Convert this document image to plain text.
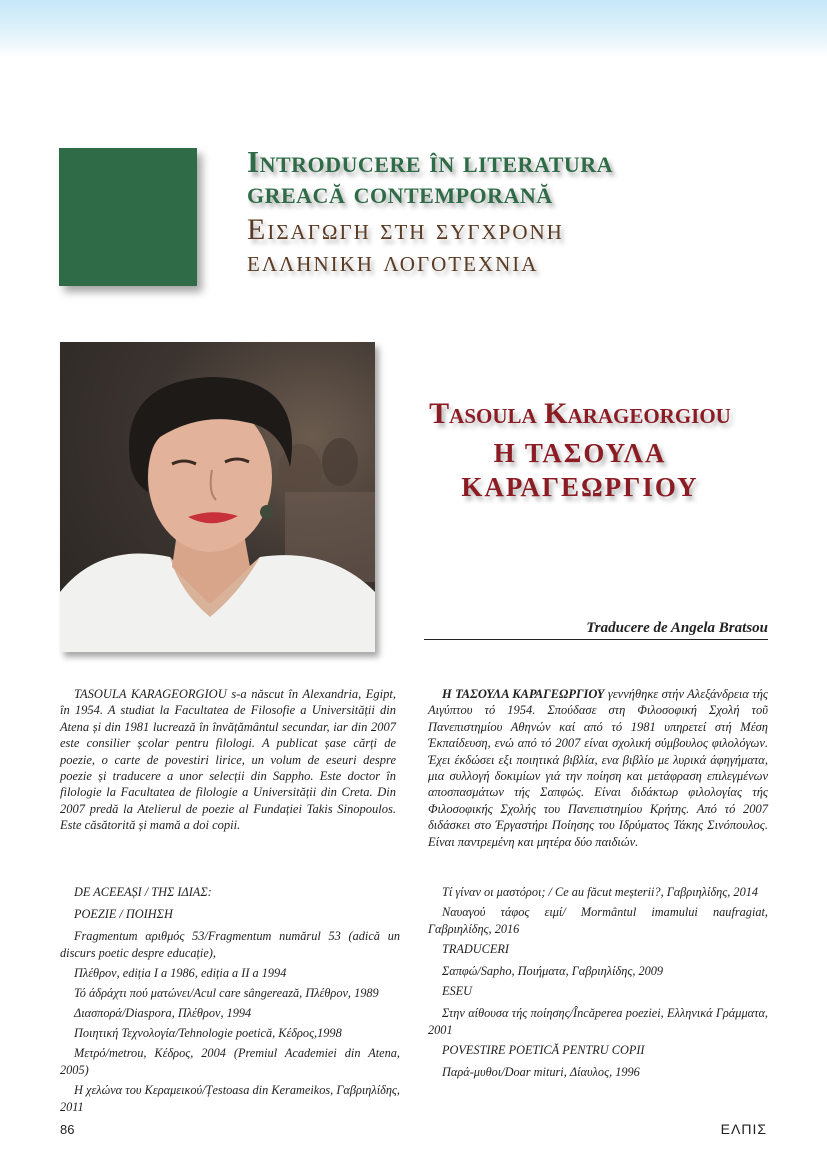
Introducere în literatura
greacă contemporană

Εισαγωγη στη συγχρονη
ελληνικη λογοτεχνια

Tasoula Karageorgiou

Η ΤΑΣΟΥΛΑ
ΚΑΡΑΓΕΩΡΓΙΟΥ

Traducere de Angela Bratsou

TASOULA KARAGEORGIOU s-a născut în Alexandria, Egipt, în 1954. A studiat la Facultatea de Filosofie a Universității din Atena și din 1981 lucrează în învățământul secundar, iar din 2007 este consilier școlar pentru filologi. A publicat șase cărți de poezie, o carte de povestiri lirice, un volum de eseuri despre poezie și traducere a unor selecții din Sappho. Este doctor în filologie la Facultatea de filologie a Universității din Creta. Din 2007 predă la Atelierul de poezie al Fundației Takis Sinopoulos. Este căsătorită și mamă a doi copii.

Η ΤΑΣΟΥΛΑ ΚΑΡΑΓΕΩΡΓΙΟΥ γεννήθηκε στήν Αλεξάνδρεια τής Αιγύπτου τό 1954. Σπούδασε στη Φιλοσοφική Σχολή τοῦ Πανεπιστημίου Αθηνών καί από τό 1981 υπηρετεί στή Μέση Έκπαίδευση, ενώ από τό 2007 είναι σχολική σύμβουλος φιλολόγων. Έχει έκδώσει εξι ποιητικά βιβλία, ενα βιβλίο με λυρικά άφηγήματα, μια συλλογή δοκιμίων γιά την ποίηση και μετάφραση επιλεγμένων αποσπασμάτων τής Σαπφώς. Είναι διδάκτωρ φιλολογίας τής Φιλοσοφικής Σχολής του Πανεπιστημίου Κρήτης. Από τό 2007 διδάσκει στο Έργαστήρι Ποίησης του Ιδρύματος Τάκης Σινόπουλος. Είναι παντρεμένη και μητέρα δύο παιδιών.

DE ACEEAȘI / ΤΗΣ ΙΔΙΑΣ:

POEZIE / ΠΟΙΗΣΗ

Fragmentum αριθμός 53/Fragmentum numărul 53 (adică un discurs poetic despre educație),

Πλέθρον, ediția I a 1986, ediția a II a 1994

Τό άδράχτι πού ματώνει/Acul care sângerează, Πλέθρον, 1989

Διασπορά/Diaspora, Πλέθρον, 1994

Ποιητική Τεχνολογία/Tehnologie poetică, Κέδρος,1998

Μετρό/metrou, Κέδρος, 2004 (Premiul Academiei din Atena, 2005)

Η χελώνα του Κεραμεικού/Țestoasa din Kerameikos, Γαβριηλίδης, 2011

Τί γίναν οι μαστόροι; / Ce au făcut meșterii?, Γαβριηλίδης, 2014

Ναυαγού τάφος ειμί/ Mormântul imamului naufragiat, Γαβριηλίδης, 2016

TRADUCERI

Σαπφώ/Sapho, Ποιήματα, Γαβριηλίδης, 2009

ESEU

Στην αίθουσα τής ποίησης/Încăperea poeziei, Ελληνικά Γράμματα, 2001

POVESTIRE POETICĂ PENTRU COPII

Παρά-μυθοι/Doar mituri, Δίαυλος, 1996

86	ΕΛΠΙΣ
